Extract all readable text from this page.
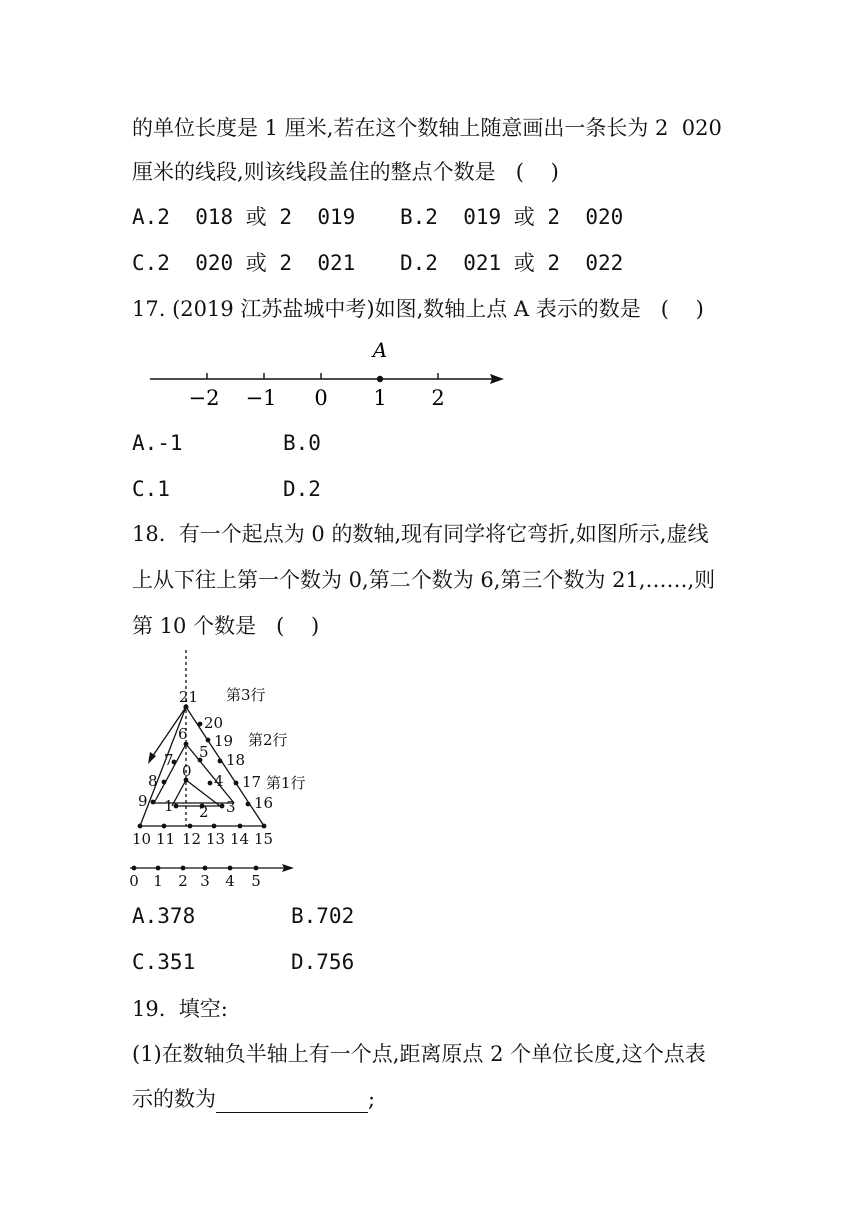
的单位长度是 1 厘米,若在这个数轴上随意画出一条长为 2  020
厘米的线段,则该线段盖住的整点个数是   (    )
A.2  018 或 2  019 B.2  019 或 2  020
C.2  020 或 2  021 D.2  021 或 2  022
17. (2019 江苏盐城中考)如图,数轴上点 A 表示的数是   (    )
A
−2 −1 0 1 2
A.-1	B.0
C.1	D.2
18.  有一个起点为 0 的数轴,现有同学将它弯折,如图所示,虚线
上从下往上第一个数为 0,第二个数为 6,第三个数为 21,……,则
第 10 个数是   (    )
21
20
19
6
7 5 18
8
0
4 17
9 1 2 3 16
第3行
第2行
第1行
10 11 12 13 14 15
0 1 2 3 4 5
A.378	B.702
C.351	D.756
19.  填空:
(1)在数轴负半轴上有一个点,距离原点 2 个单位长度,这个点表
示的数为	;
